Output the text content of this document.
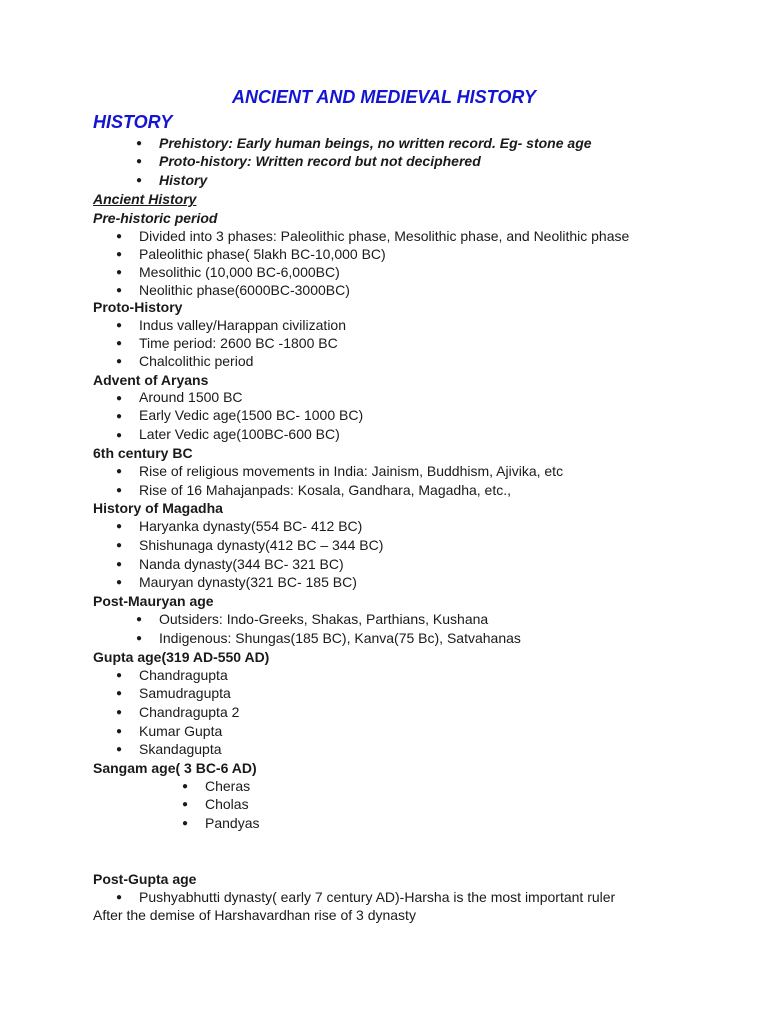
ANCIENT AND MEDIEVAL HISTORY
HISTORY
● Prehistory: Early human beings, no written record. Eg- stone age
● Proto-history: Written record but not deciphered
● History
Ancient History
Pre-historic period
● Divided into 3 phases: Paleolithic phase, Mesolithic phase, and Neolithic phase
● Paleolithic phase( 5lakh BC-10,000 BC)
● Mesolithic (10,000 BC-6,000BC)
● Neolithic phase(6000BC-3000BC)
Proto-History
● Indus valley/Harappan civilization
● Time period: 2600 BC -1800 BC
● Chalcolithic period
Advent of Aryans
● Around 1500 BC
● Early Vedic age(1500 BC- 1000 BC)
● Later Vedic age(100BC-600 BC)
6th century BC
● Rise of religious movements in India: Jainism, Buddhism, Ajivika, etc
● Rise of 16 Mahajanpads: Kosala, Gandhara, Magadha, etc.,
History of Magadha
● Haryanka dynasty(554 BC- 412 BC)
● Shishunaga dynasty(412 BC – 344 BC)
● Nanda dynasty(344 BC- 321 BC)
● Mauryan dynasty(321 BC- 185 BC)
Post-Mauryan age
● Outsiders: Indo-Greeks, Shakas, Parthians, Kushana
● Indigenous: Shungas(185 BC), Kanva(75 Bc), Satvahanas
Gupta age(319 AD-550 AD)
● Chandragupta
● Samudragupta
● Chandragupta 2
● Kumar Gupta
● Skandagupta
Sangam age( 3 BC-6 AD)
● Cheras
● Cholas
● Pandyas
Post-Gupta age
● Pushyabhutti dynasty( early 7 century AD)-Harsha is the most important ruler
After the demise of Harshavardhan rise of 3 dynasty
